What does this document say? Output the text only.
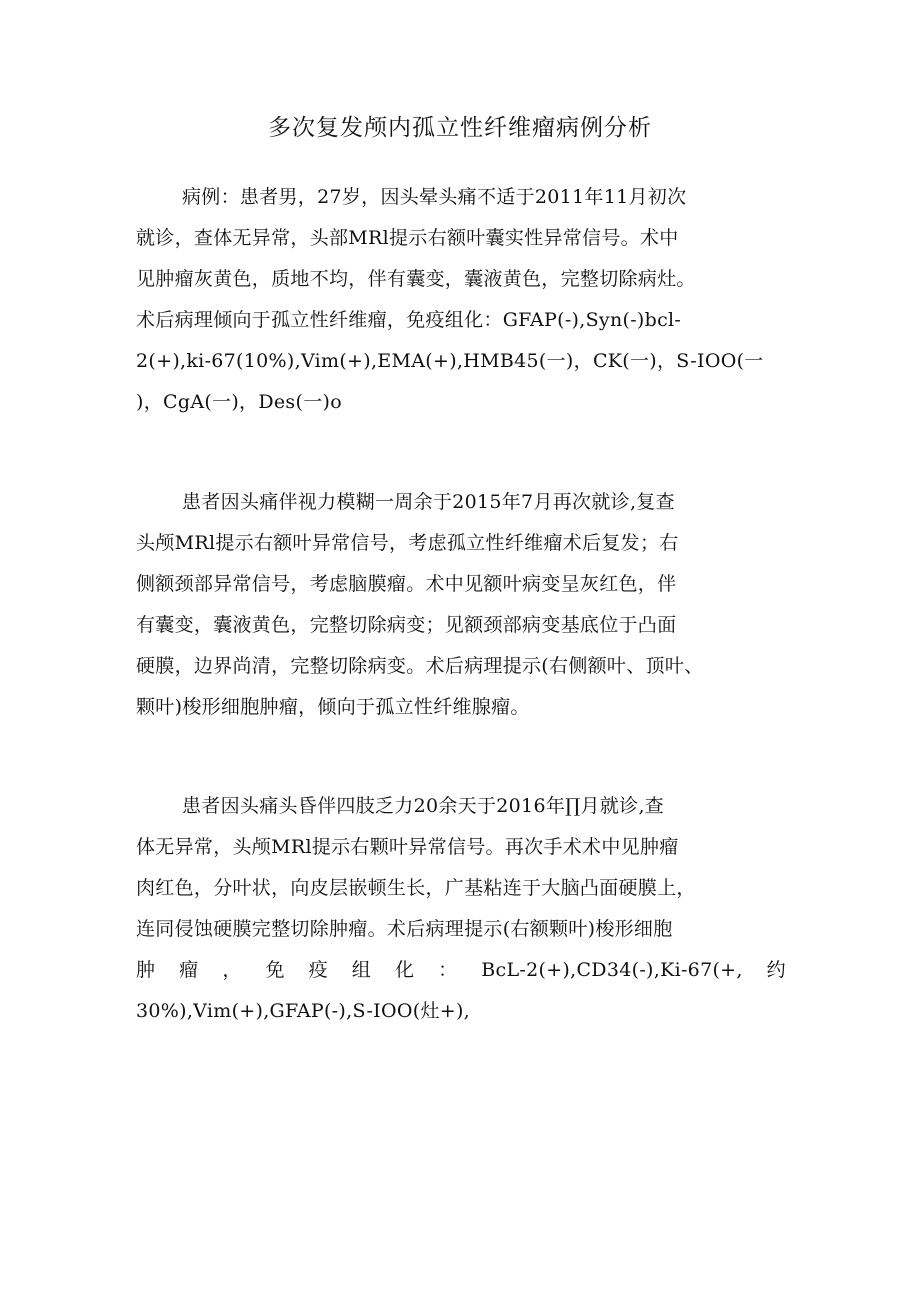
多次复发颅内孤立性纤维瘤病例分析
病例：患者男，27岁，因头晕头痛不适于2011年11月初次
就诊，查体无异常，头部MRl提示右额叶囊实性异常信号。术中
见肿瘤灰黄色，质地不均，伴有囊变，囊液黄色，完整切除病灶。
术后病理倾向于孤立性纤维瘤，免疫组化：GFAP(-),Syn(-)bcl-
2(+),ki-67(10%),Vim(+),EMA(+),HMB45(一)，CK(一)，S-IOO(一
)，CgA(一)，Des(一)o
患者因头痛伴视力模糊一周余于2015年7月再次就诊,复查
头颅MRl提示右额叶异常信号，考虑孤立性纤维瘤术后复发；右
侧额颈部异常信号，考虑脑膜瘤。术中见额叶病变呈灰红色，伴
有囊变，囊液黄色，完整切除病变；见额颈部病变基底位于凸面
硬膜，边界尚清，完整切除病变。术后病理提示(右侧额叶、顶叶、
颗叶)梭形细胞肿瘤，倾向于孤立性纤维腺瘤。
患者因头痛头昏伴四肢乏力20余天于2016年∏月就诊,查
体无异常，头颅MRl提示右颗叶异常信号。再次手术术中见肿瘤
肉红色，分叶状，向皮层嵌顿生长，广基粘连于大脑凸面硬膜上，
连同侵蚀硬膜完整切除肿瘤。术后病理提示(右额颗叶)梭形细胞
肿 瘤 ， 免 疫 组 化 ： BcL-2(+),CD34(-),Ki-67(+, 约
30%),Vim(+),GFAP(-),S-IOO(灶+),
